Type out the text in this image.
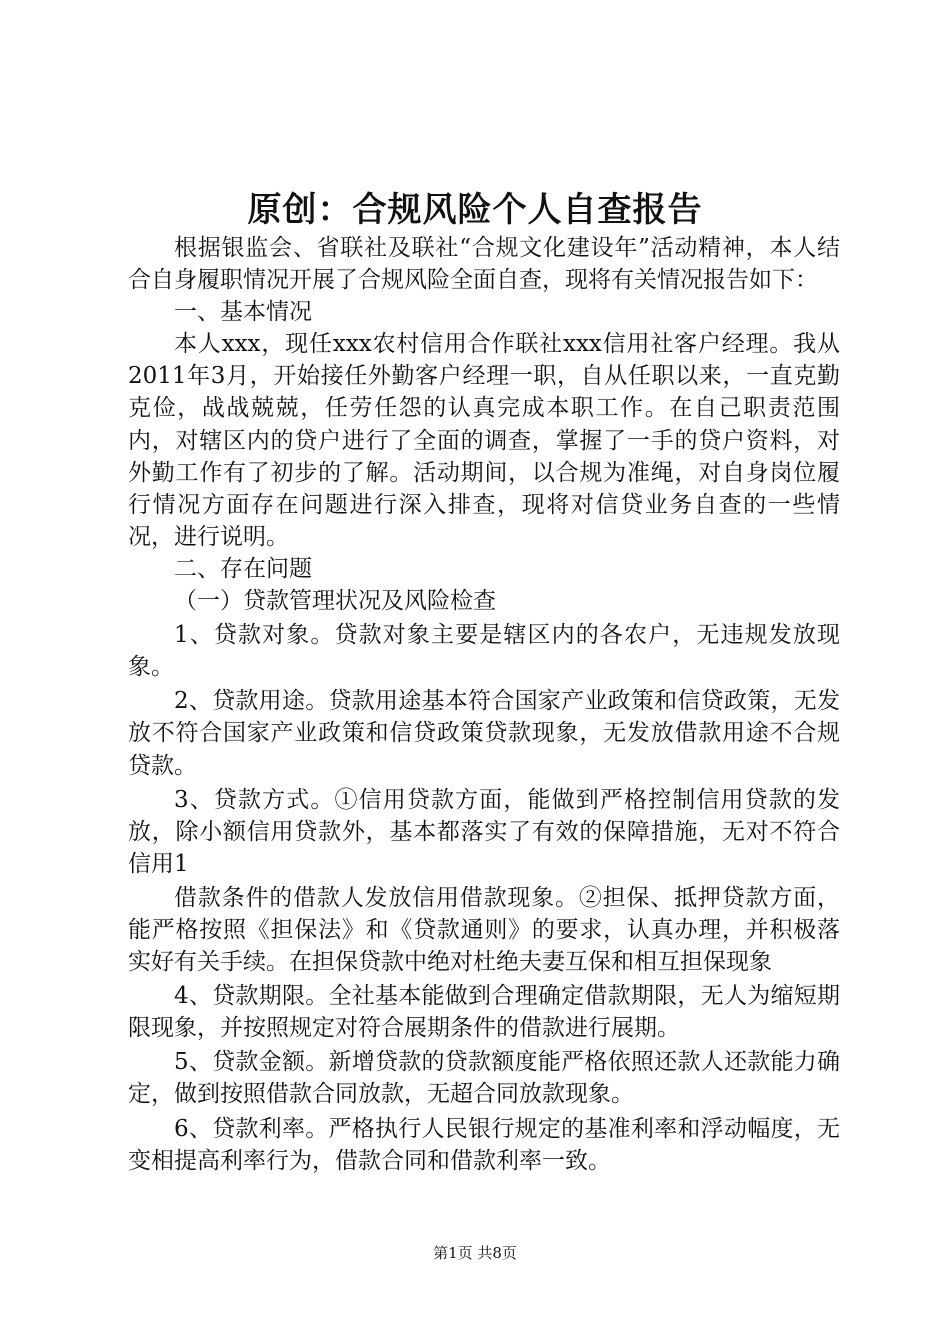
原创：合规风险个人自查报告

根据银监会、省联社及联社“合规文化建设年”活动精神，本人结合自身履职情况开展了合规风险全面自查，现将有关情况报告如下：

一、基本情况

本人xxx，现任xxx农村信用合作联社xxx信用社客户经理。我从2011年3月，开始接任外勤客户经理一职，自从任职以来，一直克勤克俭，战战兢兢，任劳任怨的认真完成本职工作。在自己职责范围内，对辖区内的贷户进行了全面的调查，掌握了一手的贷户资料，对外勤工作有了初步的了解。活动期间，以合规为准绳，对自身岗位履行情况方面存在问题进行深入排查，现将对信贷业务自查的一些情况，进行说明。

二、存在问题

（一）贷款管理状况及风险检查

1、贷款对象。贷款对象主要是辖区内的各农户，无违规发放现象。

2、贷款用途。贷款用途基本符合国家产业政策和信贷政策，无发放不符合国家产业政策和信贷政策贷款现象，无发放借款用途不合规贷款。

3、贷款方式。①信用贷款方面，能做到严格控制信用贷款的发放，除小额信用贷款外，基本都落实了有效的保障措施，无对不符合信用1

借款条件的借款人发放信用借款现象。②担保、抵押贷款方面，能严格按照《担保法》和《贷款通则》的要求，认真办理，并积极落实好有关手续。在担保贷款中绝对杜绝夫妻互保和相互担保现象

4、贷款期限。全社基本能做到合理确定借款期限，无人为缩短期限现象，并按照规定对符合展期条件的借款进行展期。

5、贷款金额。新增贷款的贷款额度能严格依照还款人还款能力确定，做到按照借款合同放款，无超合同放款现象。

6、贷款利率。严格执行人民银行规定的基准利率和浮动幅度，无变相提高利率行为，借款合同和借款利率一致。

第1页 共8页
